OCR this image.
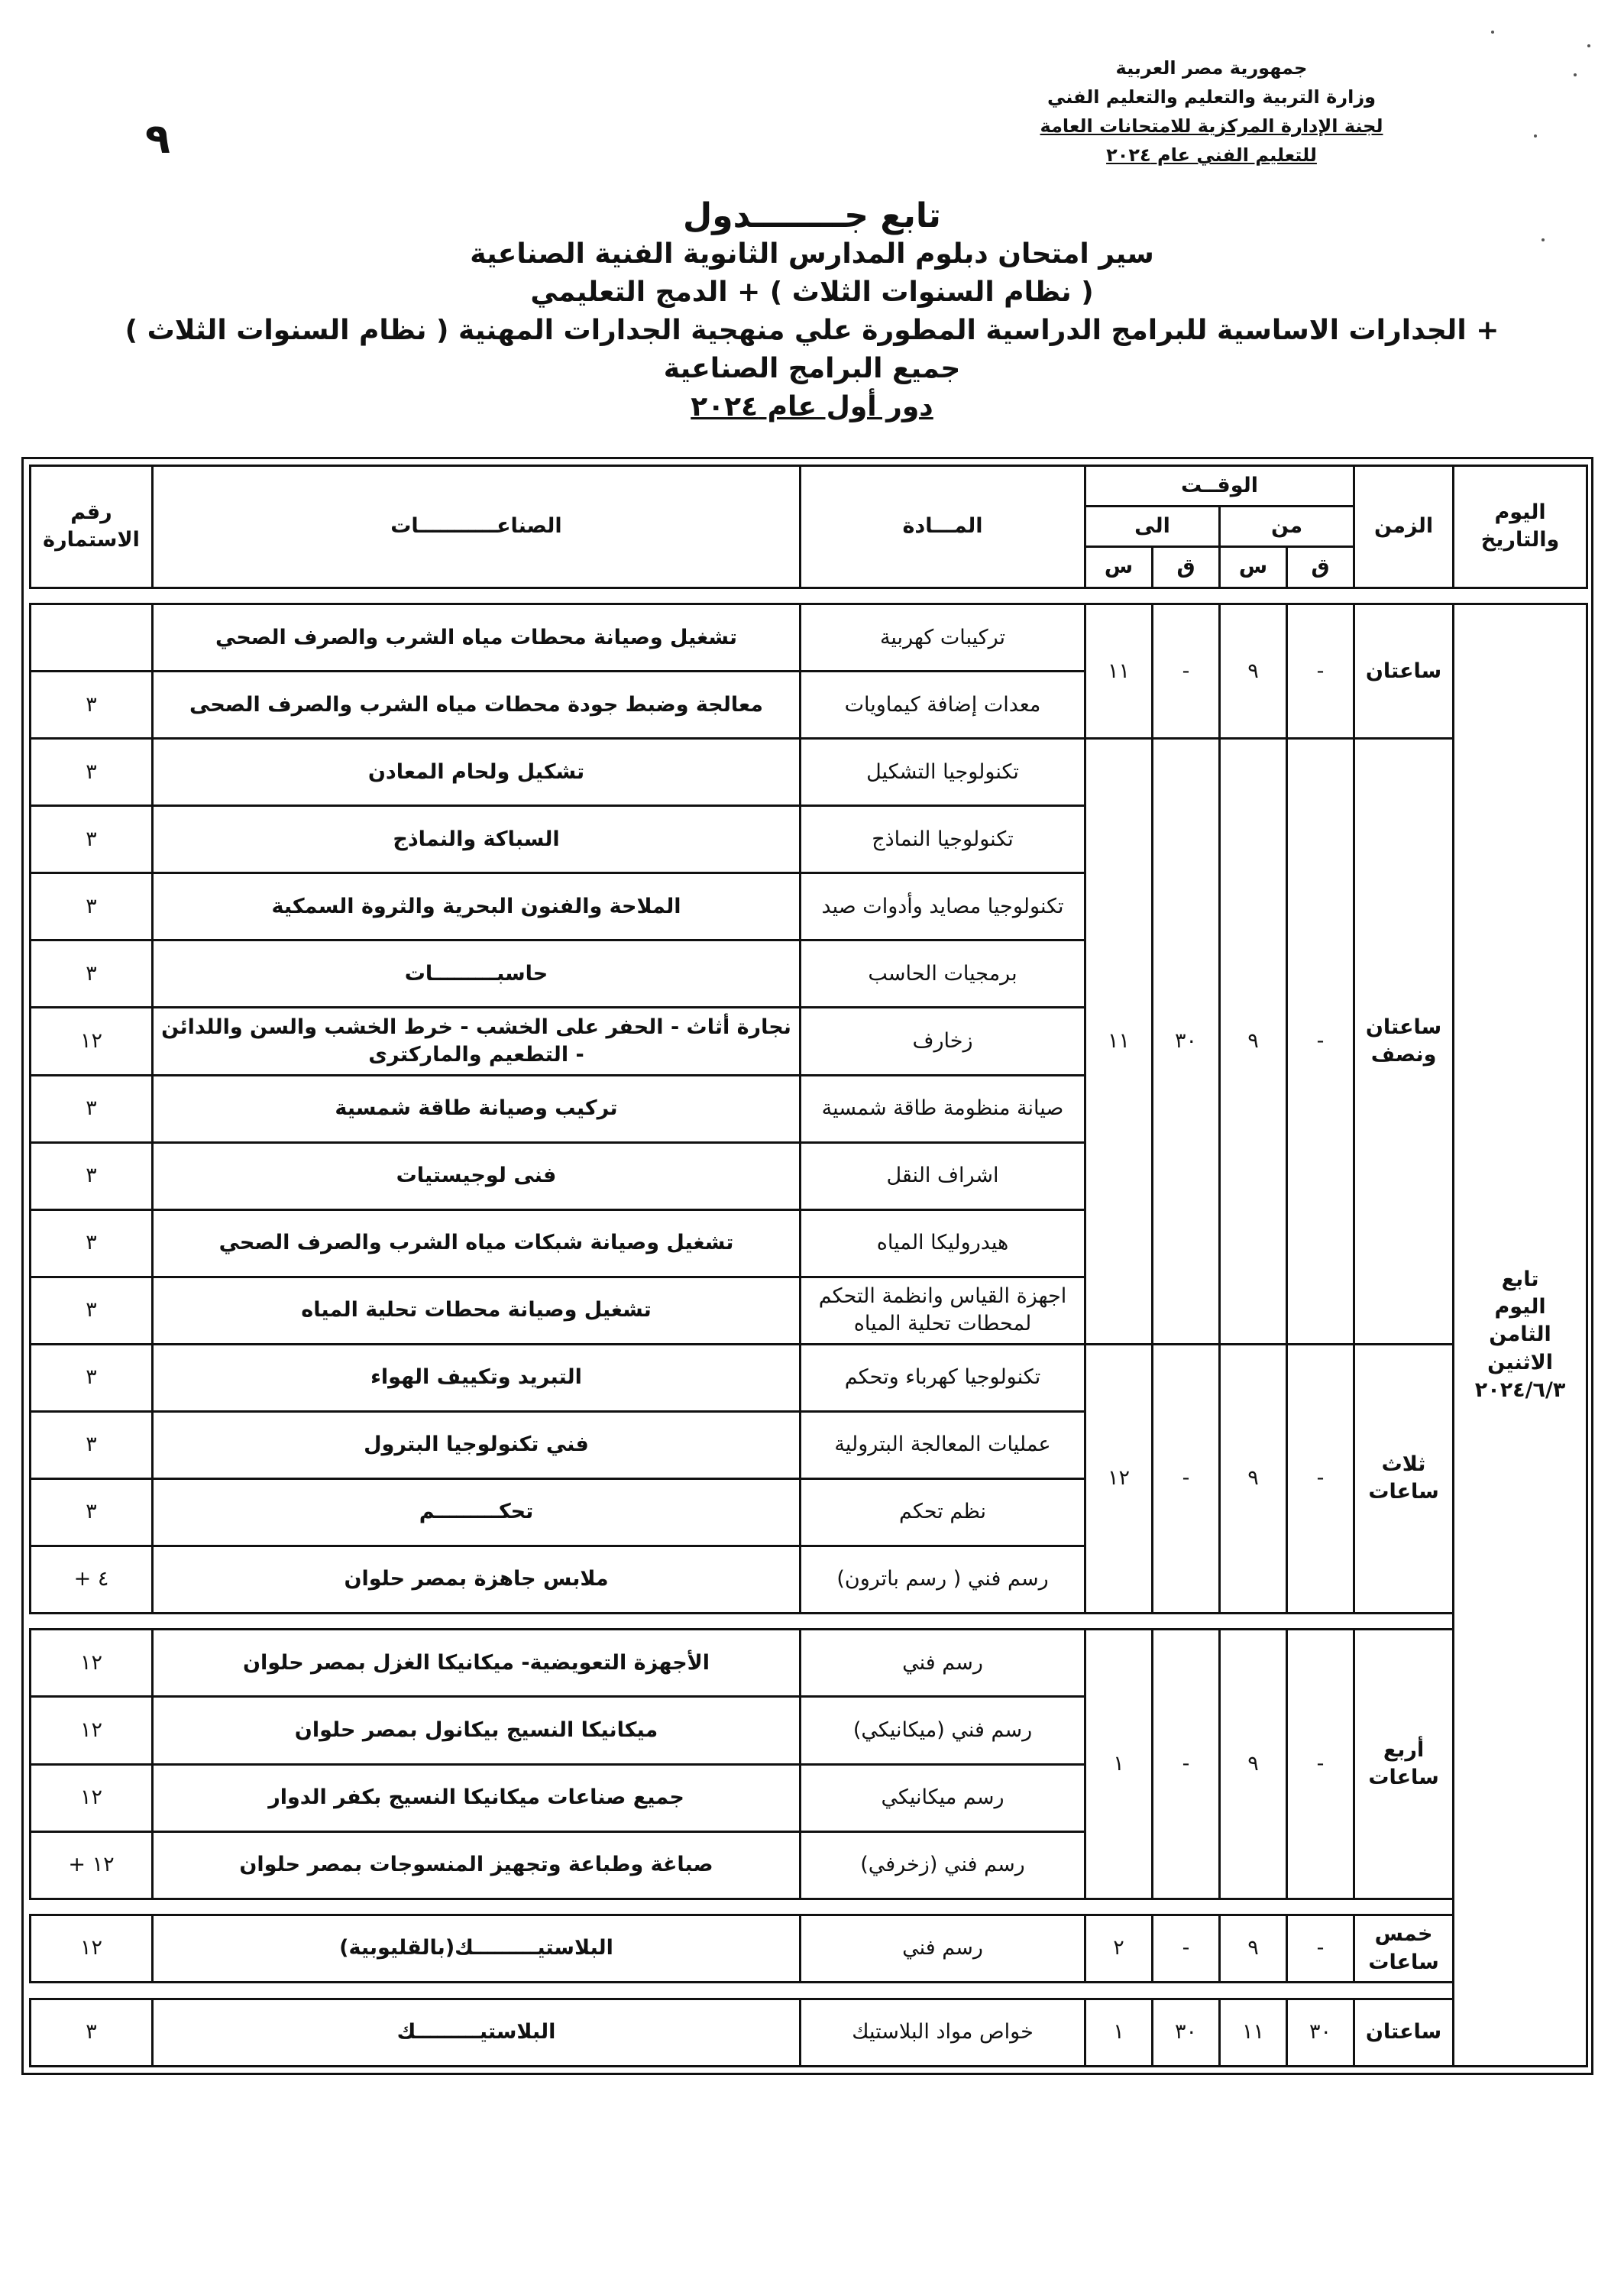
٩
جمهورية مصر العربية
وزارة التربية والتعليم والتعليم الفني
لجنة الإدارة المركزية للامتحانات العامة
للتعليم الفني عام ٢٠٢٤
تابع جــــــــدول
سير امتحان دبلوم المدارس الثانوية الفنية الصناعية
( نظام السنوات الثلاث ) + الدمج التعليمي
+ الجدارات الاساسية للبرامج الدراسية المطورة علي منهجية الجدارات المهنية ( نظام السنوات الثلاث )
جميع البرامج الصناعية
دور أول عام ٢٠٢٤
اليوم والتاريخ	الزمن	الوقــت				المـــادة	الصناعـــــــــــات	رقم الاستمارة
		من		الى				
		ق	س	ق	س			

تابع
اليوم
الثامن
الاثنين
٢٠٢٤/٦/٣	ساعتان	-	٩	-	١١	تركيبات كهربية	تشغيل وصيانة محطات مياه الشرب والصرف الصحي	
						معدات إضافة كيماويات	معالجة وضبط جودة محطات مياه الشرب والصرف الصحى	٣
	ساعتان ونصف	-	٩	٣٠	١١	تكنولوجيا التشكيل	تشكيل ولحام المعادن	٣
						تكنولوجيا النماذج	السباكة والنماذج	٣
						تكنولوجيا مصايد وأدوات صيد	الملاحة والفنون البحرية والثروة السمكية	٣
						برمجيات الحاسب	حاسبـــــــــات	٣
						زخارف	نجارة أثاث - الحفر على الخشب - خرط الخشب والسن واللدائن - التطعيم والماركترى	١٢
						صيانة منظومة طاقة شمسية	تركيب وصيانة طاقة شمسية	٣
						اشراف النقل	فنى لوجيستيات	٣
						هيدروليكا المياه	تشغيل وصيانة شبكات مياه الشرب والصرف الصحي	٣
						اجهزة القياس وانظمة التحكم لمحطات تحلية المياه	تشغيل وصيانة محطات تحلية المياه	٣
	ثلاث ساعات	-	٩	-	١٢	تكنولوجيا كهرباء وتحكم	التبريد وتكييف الهواء	٣
						عمليات المعالجة البترولية	فني تكنولوجيا البترول	٣
						نظم تحكم	تحكـــــــــم	٣
						رسم فني ( رسم باترون)	ملابس جاهزة بمصر حلوان	٤ +

	أربع ساعات	-	٩	-	١	رسم فني	الأجهزة التعويضية- ميكانيكا الغزل بمصر حلوان	١٢
						رسم فني (ميكانيكي)	ميكانيكا النسيج بيكانول بمصر حلوان	١٢
						رسم ميكانيكي	جميع صناعات ميكانيكا النسيج بكفر الدوار	١٢
						رسم فني (زخرفي)	صباغة وطباعة وتجهيز المنسوجات بمصر حلوان	١٢ +

	خمس ساعات	-	٩	-	٢	رسم فني	البلاستيـــــــــك(بالقليوبية)	١٢

	ساعتان	٣٠	١١	٣٠	١	خواص مواد البلاستيك	البلاستيـــــــــك	٣
